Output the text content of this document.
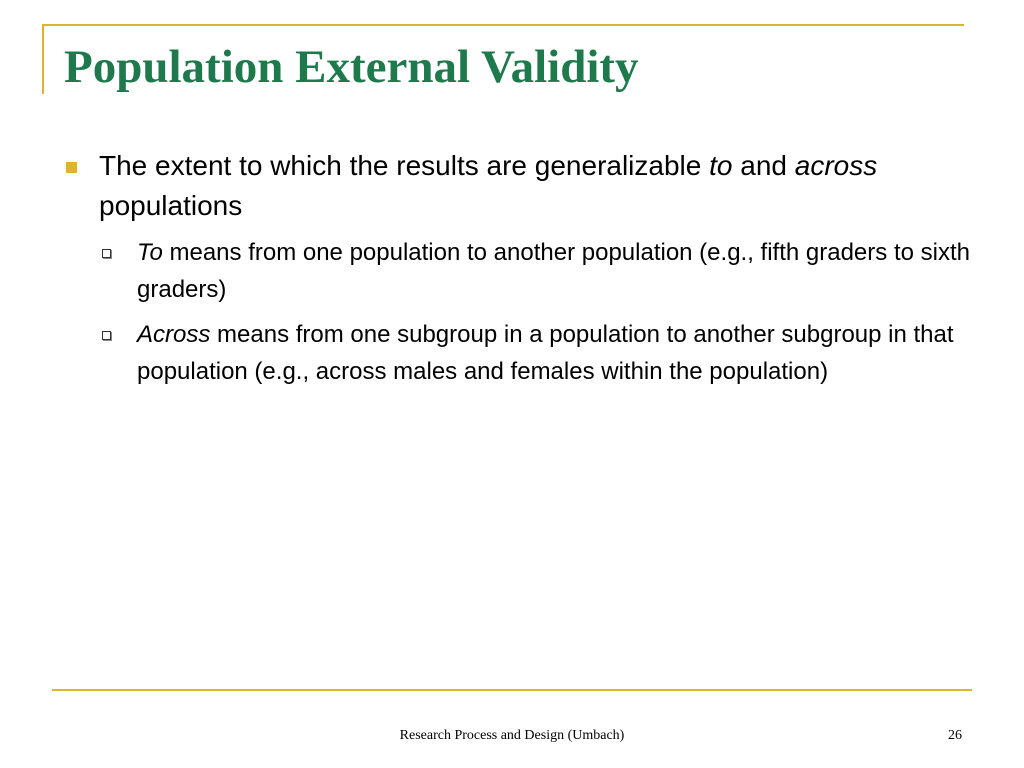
Population External Validity
The extent to which the results are generalizable to and across populations
To means from one population to another population (e.g., fifth graders to sixth graders)
Across means from one subgroup in a population to another subgroup in that population (e.g., across males and females within the population)
Research Process and Design (Umbach)	26
